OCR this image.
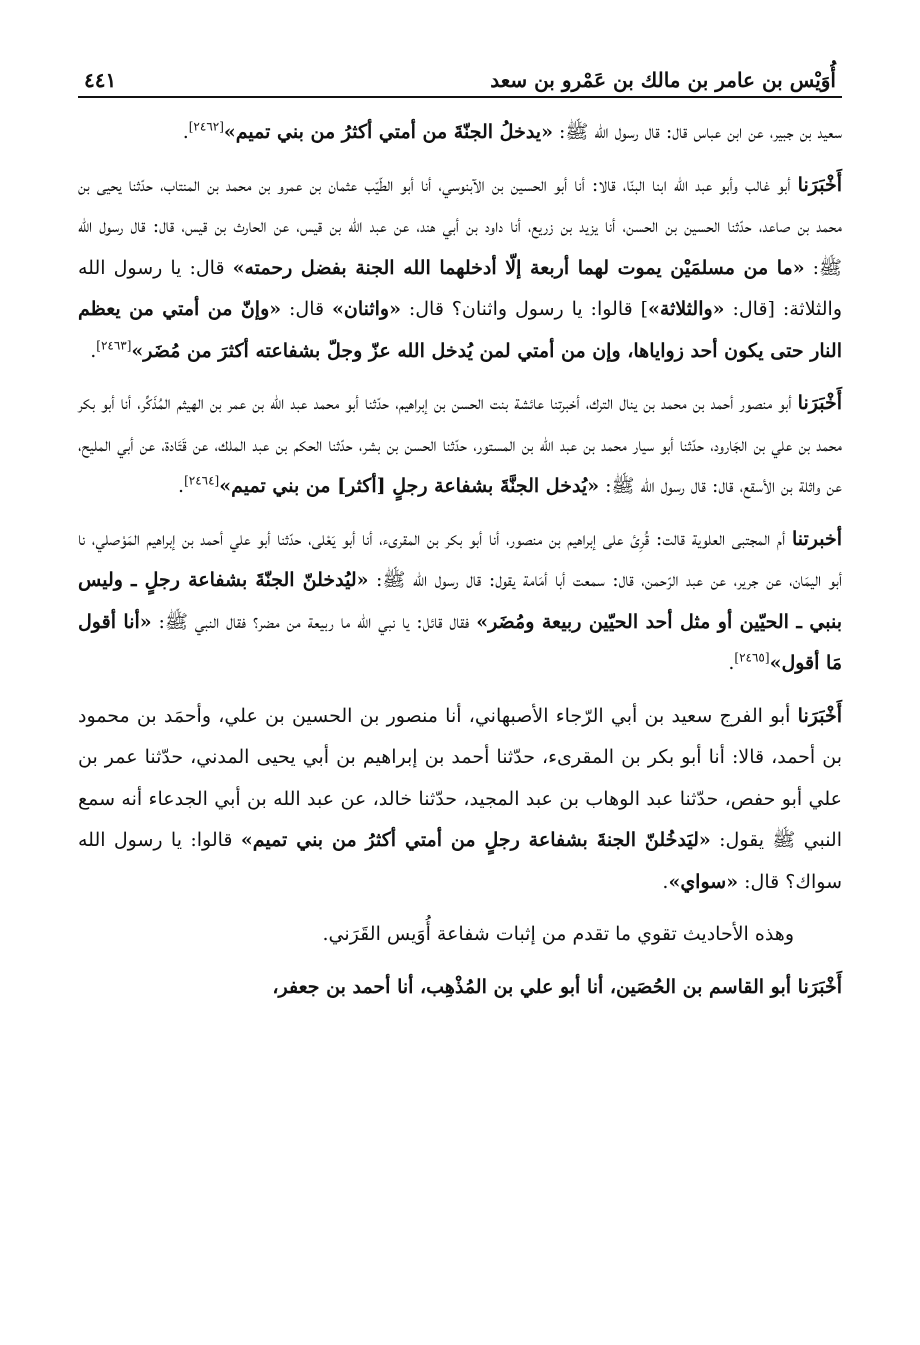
أُوَيْس بن عامر بن مالك بن عَمْرو بن سعد
٤٤١

سعيد بن جبير، عن ابن عباس قال: قال رسول الله ﷺ: «يدخلُ الجنّةَ من أمتي أكثرُ من بني تميم»[٢٤٦٢].

أَخْبَرَنا أبو غالب وأبو عبد الله ابنا البنّا، قالا: أنا أبو الحسين بن الآبنوسي، أنا أبو الطّيّب عثمان بن عمرو بن محمد بن المنتاب، حدّثنا يحيى بن محمد بن صاعد، حدّثنا الحسين بن الحسن، أنا يزيد بن زريع، أنا داود بن أبي هند، عن عبد الله بن قيس، عن الحارث بن قيس، قال: قال رسول الله ﷺ: «ما من مسلمَيْن يموت لهما أربعة إلّا أدخلهما الله الجنة بفضل رحمته» قال: يا رسول الله والثلاثة: [قال: «والثلاثة»] قالوا: يا رسول واثنان؟ قال: «واثنان» قال: «وإنّ من أمتي من يعظم النار حتى يكون أحد زواياها، وإن من أمتي لمن يُدخل الله عزّ وجلّ بشفاعته أكثرَ من مُضَر»[٢٤٦٣].

أَخْبَرَنا أبو منصور أحمد بن محمد بن ينال الترك، أخبرتنا عائشة بنت الحسن بن إبراهيم، حدّثنا أبو محمد عبد الله بن عمر بن الهيثم المُذَكِّر، أنا أبو بكر محمد بن علي بن الجَارود، حدّثنا أبو سيار محمد بن عبد الله بن المستور، حدّثنا الحسن بن بشر، حدّثنا الحكم بن عبد الملك، عن قَتَادة، عن أبي المليح، عن واثلة بن الأسقع، قال: قال رسول الله ﷺ: «يُدخل الجنَّةَ بشفاعة رجلٍ [أكثر] من بني تميم»[٢٤٦٤].

أخبرتنا أم المجتبى العلوية قالت: قُرِئ على إبراهيم بن منصور، أنا أبو بكر بن المقرىء، أنا أبو يَعْلى، حدّثنا أبو علي أحمد بن إبراهيم المَوْصلي، نا أبو اليمَان، عن جرير، عن عبد الرّحمن، قال: سمعت أبا أمَامة يقول: قال رسول الله ﷺ: «ليُدخلنّ الجنّةَ بشفاعة رجلٍ ـ وليس بنبي ـ الحيّين أو مثل أحد الحيّين ربيعة ومُضَر» فقال قائل: يا نبي الله ما ربيعة من مضر؟ فقال النبي ﷺ: «أنا أقول مَا أقول»[٢٤٦٥].

أَخْبَرَنا أبو الفرج سعيد بن أبي الرّجاء الأصبهاني، أنا منصور بن الحسين بن علي، وأحمَد بن محمود بن أحمد، قالا: أنا أبو بكر بن المقرىء، حدّثنا أحمد بن إبراهيم بن أبي يحيى المدني، حدّثنا عمر بن علي أبو حفص، حدّثنا عبد الوهاب بن عبد المجيد، حدّثنا خالد، عن عبد الله بن أبي الجدعاء أنه سمع النبي ﷺ يقول: «ليَدخُلنّ الجنةَ بشفاعة رجلٍ من أمتي أكثرُ من بني تميم» قالوا: يا رسول الله سواك؟ قال: «سواي».

وهذه الأحاديث تقوي ما تقدم من إثبات شفاعة أُوَيس القَرَني.

أَخْبَرَنا أبو القاسم بن الحُصَين، أنا أبو علي بن المُذْهِب، أنا أحمد بن جعفر،
